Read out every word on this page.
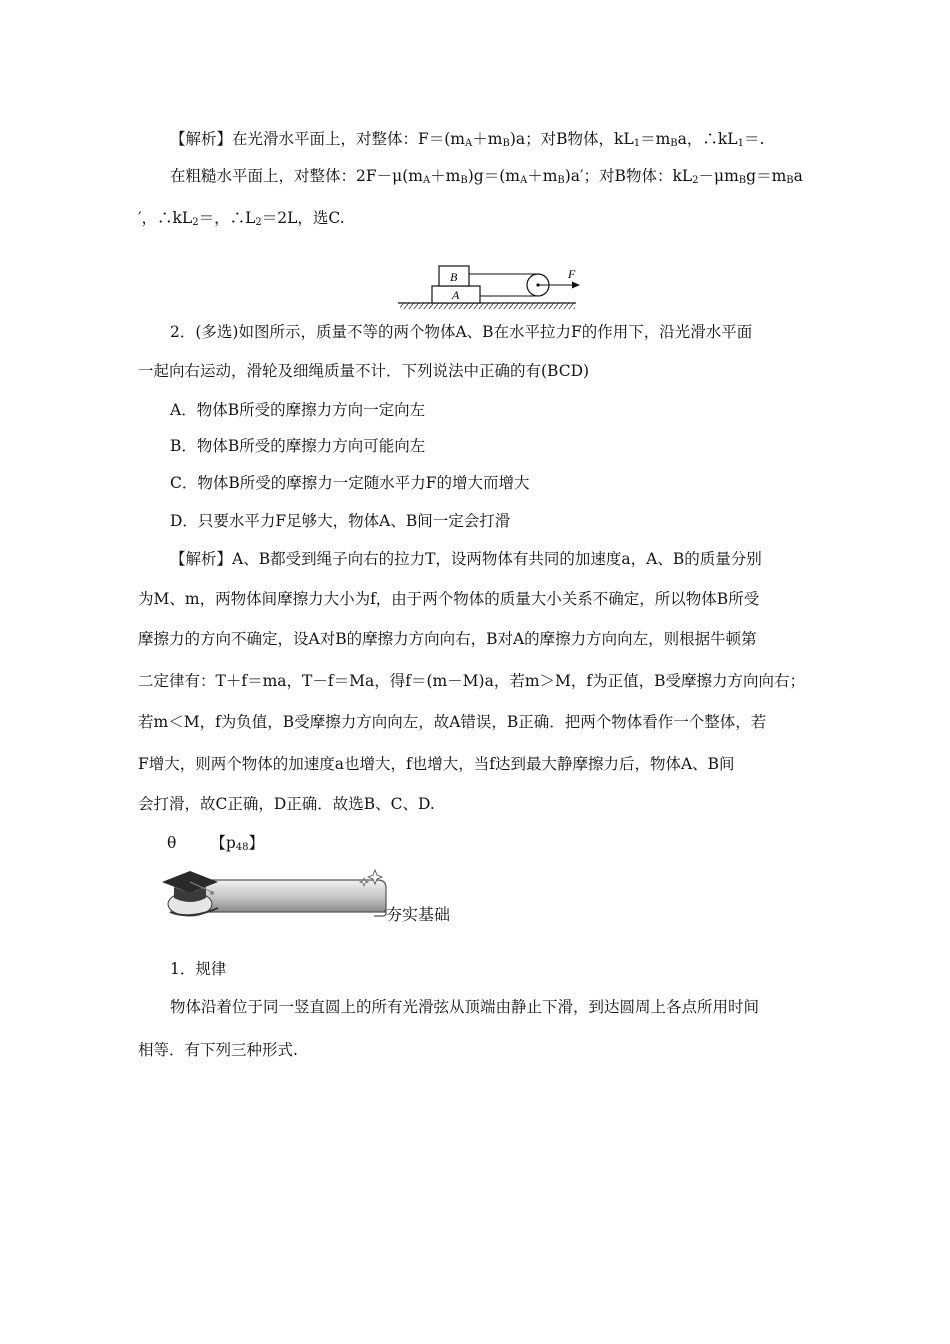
【解析】在光滑水平面上，对整体：$F=(m_A+m_B)a$；对B物体，$kL_1=m_Ba$，$\therefore kL_1=$.
在粗糙水平面上，对整体：$2F-\mu(m_A+m_B)g=(m_A+m_B)a'$；对B物体：$kL_2-\mu m_Bg=m_Ba$
′，$\therefore kL_2=$，$\therefore L_2=2L$，选C.
B
A
F
2．(多选)如图所示，质量不等的两个物体A、B在水平拉力F的作用下，沿光滑水平面
一起向右运动，滑轮及细绳质量不计．下列说法中正确的有(BCD)
A．物体B所受的摩擦力方向一定向左
B．物体B所受的摩擦力方向可能向左
C．物体B所受的摩擦力一定随水平力F的增大而增大
D．只要水平力F足够大，物体A、B间一定会打滑
【解析】A、B都受到绳子向右的拉力T，设两物体有共同的加速度a，A、B的质量分别
为M、m，两物体间摩擦力大小为f，由于两个物体的质量大小关系不确定，所以物体B所受
摩擦力的方向不确定，设A对B的摩擦力方向向右，B对A的摩擦力方向向左，则根据牛顿第
二定律有：T＋f＝ma，T－f＝Ma，得f＝(m－M)a，若m＞M，f为正值，B受摩擦力方向向右；
若m＜M，f为负值，B受摩擦力方向向左，故A错误，B正确．把两个物体看作一个整体，若
F增大，则两个物体的加速度a也增大，f也增大，当f达到最大静摩擦力后，物体A、B间
会打滑，故C正确，D正确．故选B、C、D.
θ 【$p_{48}$】
夯实基础
1．规律
物体沿着位于同一竖直圆上的所有光滑弦从顶端由静止下滑，到达圆周上各点所用时间
相等．有下列三种形式.
